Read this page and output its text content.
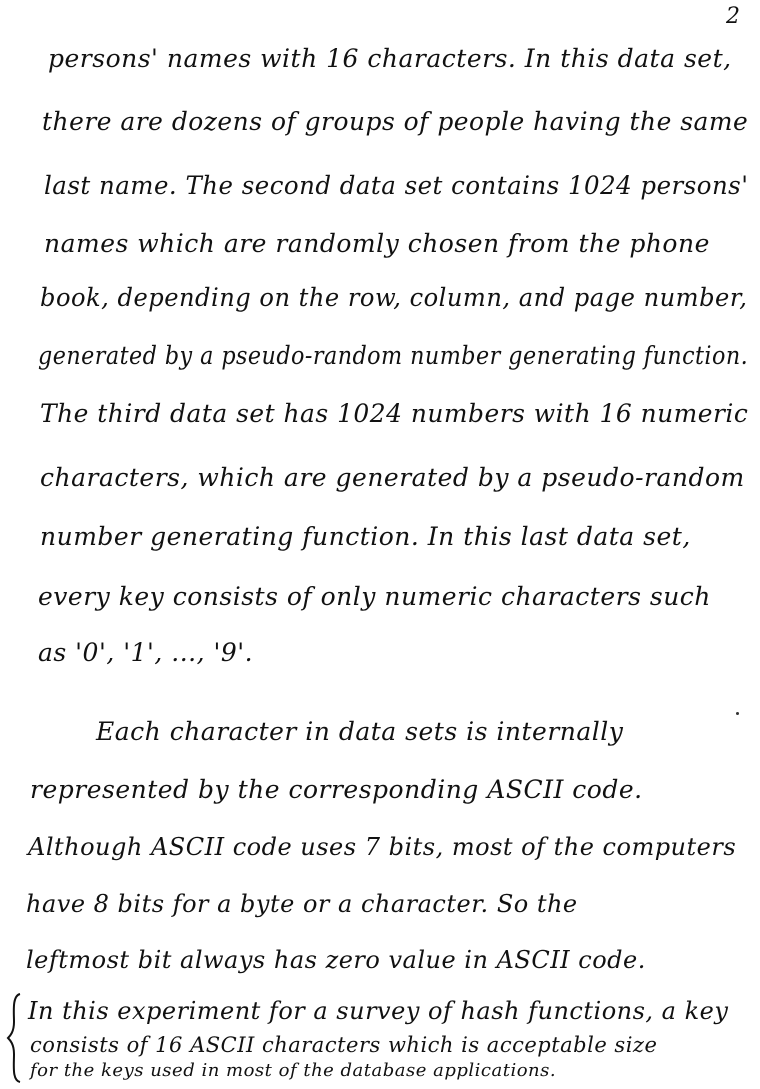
2
persons' names with 16 characters. In this data set,
there are dozens of groups of people having the same
last name. The second data set contains 1024 persons'
names which are randomly chosen from the phone
book, depending on the row, column, and page number,
generated by a pseudo-random number generating function.
The third data set has 1024 numbers with 16 numeric
characters, which are generated by a pseudo-random
number generating function. In this last data set,
every key consists of only numeric characters such
as '0', '1', ..., '9'.
Each character in data sets is internally
represented by the corresponding ASCII code.
Although ASCII code uses 7 bits, most of the computers
have 8 bits for a byte or a character. So the
leftmost bit always has zero value in ASCII code.
In this experiment for a survey of hash functions, a key
consists of 16 ASCII characters which is acceptable size
for the keys used in most of the database applications.
